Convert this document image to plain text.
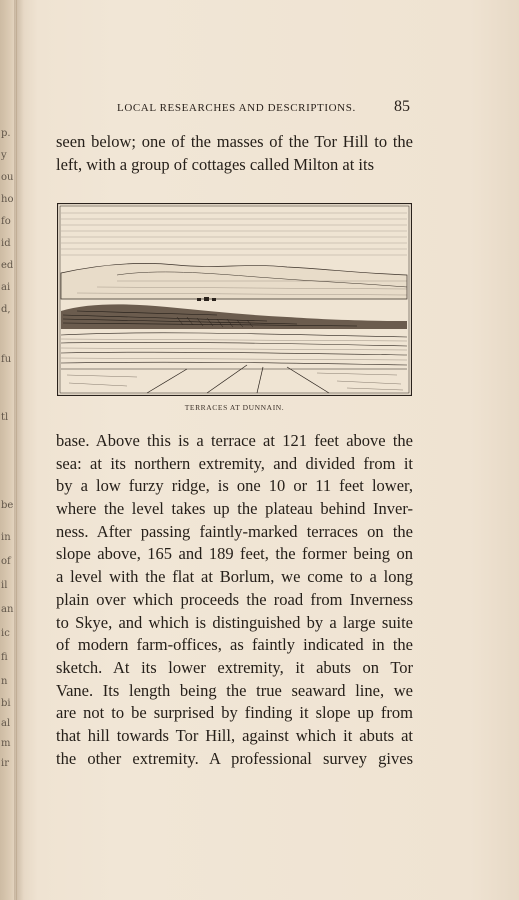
p.
y
ou
ho
fo
id
ed
ai
d,
fu
tl
be
in
of
il
an
ic
fi
n
bi
al
m
ir
LOCAL RESEARCHES AND DESCRIPTIONS. 85
seen below; one of the masses of the Tor Hill to the
left, with a group of cottages called Milton at its
TERRACES AT DUNNAIN.
base. Above this is a terrace at 121 feet above the
sea: at its northern extremity, and divided from it
by a low furzy ridge, is one 10 or 11 feet lower,
where the level takes up the plateau behind Inver-
ness. After passing faintly-marked terraces on the
slope above, 165 and 189 feet, the former being on
a level with the flat at Borlum, we come to a long
plain over which proceeds the road from Inverness
to Skye, and which is distinguished by a large suite
of modern farm-offices, as faintly indicated in the
sketch. At its lower extremity, it abuts on Tor
Vane. Its length being the true seaward line, we
are not to be surprised by finding it slope up from
that hill towards Tor Hill, against which it abuts at
the other extremity. A professional survey gives
